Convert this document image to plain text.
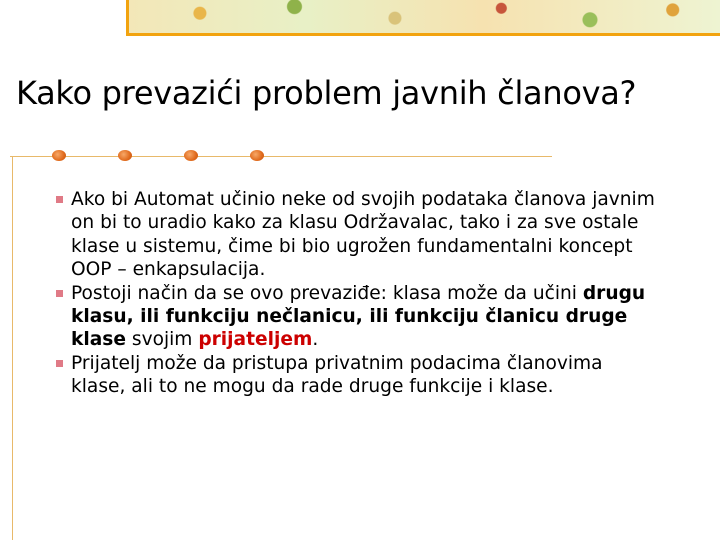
Kako prevazići problem javnih članova?
Ako bi Automat učinio neke od svojih podataka članova javnim on bi to uradio kako za klasu Održavalac, tako i za sve ostale klase u sistemu, čime bi bio ugrožen fundamentalni koncept OOP – enkapsulacija.
Postoji način da se ovo prevaziđe: klasa može da učini drugu klasu, ili funkciju nečlanicu, ili funkciju članicu druge klase svojim prijateljem.
Prijatelj može da pristupa privatnim podacima članovima klase, ali to ne mogu da rade druge funkcije i klase.
